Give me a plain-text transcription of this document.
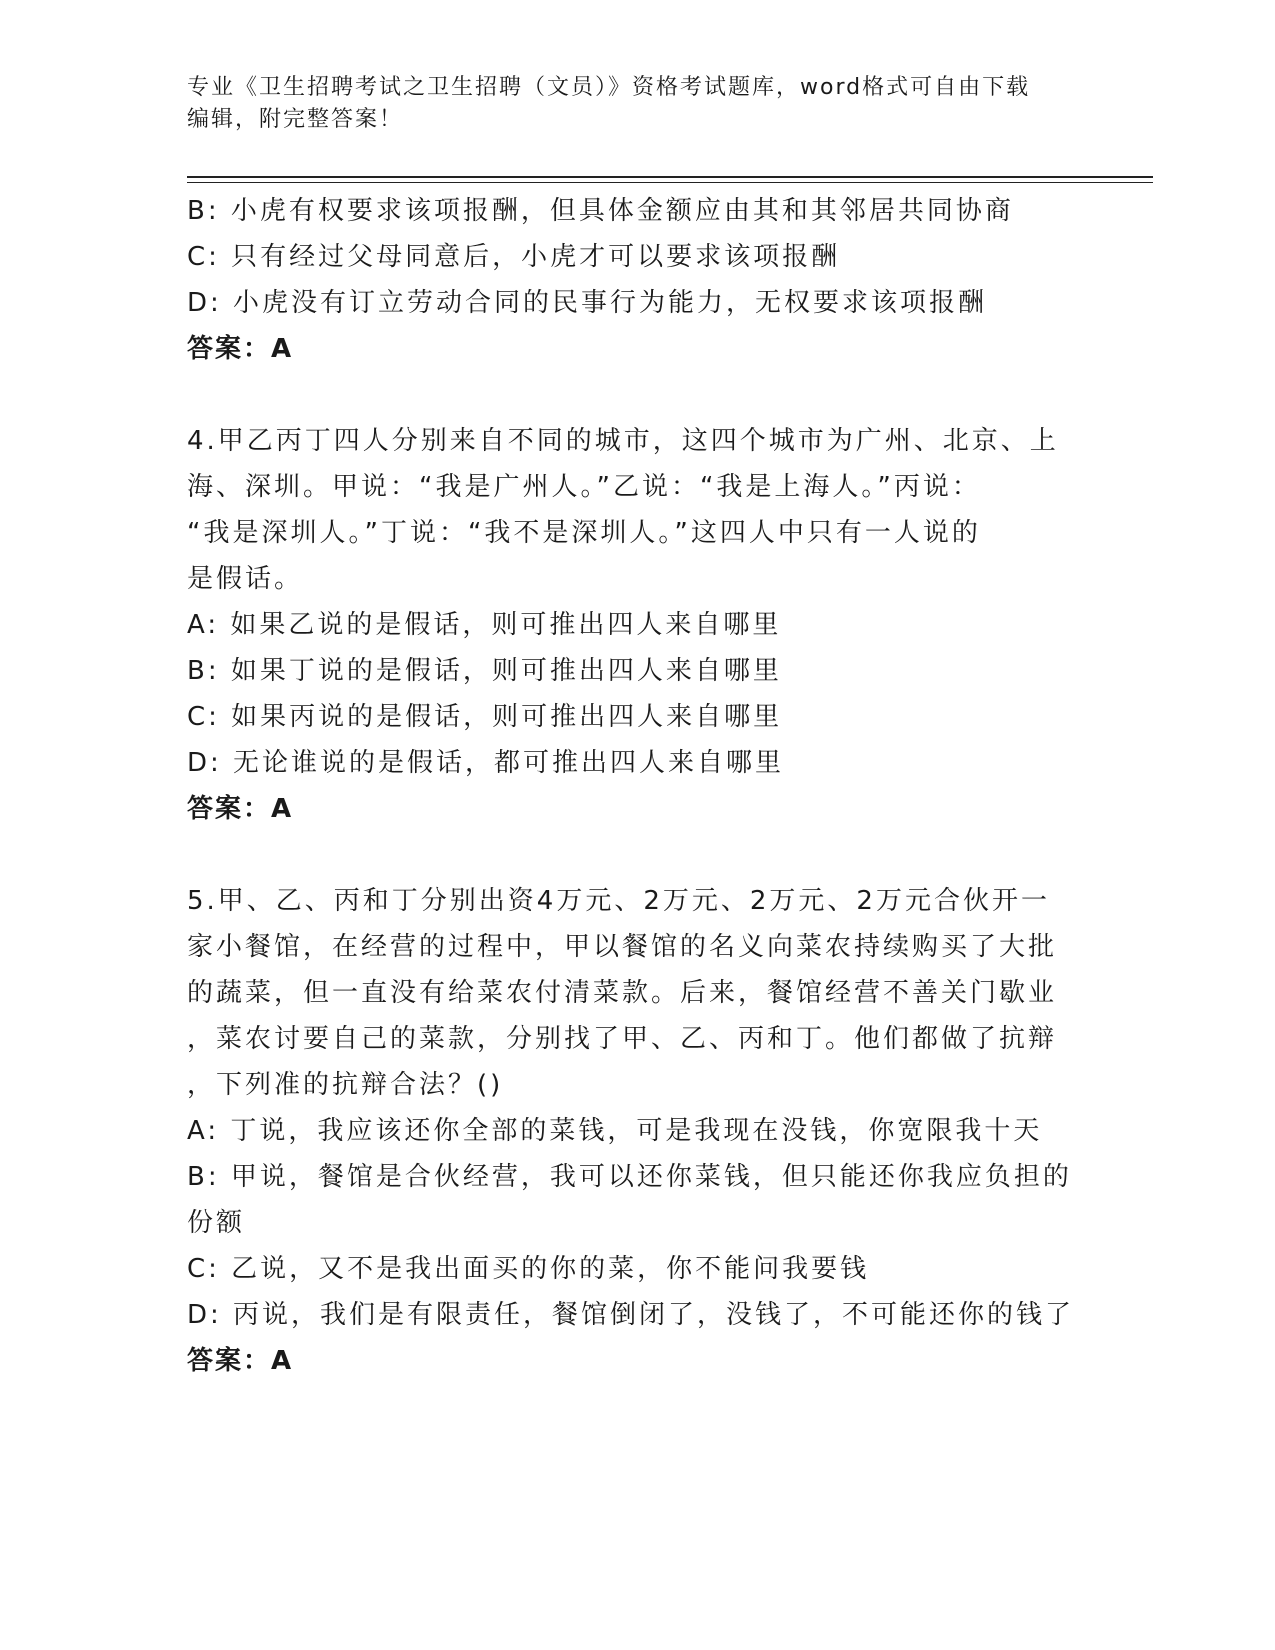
专业《卫生招聘考试之卫生招聘（文员）》资格考试题库，word格式可自由下载
编辑，附完整答案！
B: 小虎有权要求该项报酬，但具体金额应由其和其邻居共同协商
C: 只有经过父母同意后，小虎才可以要求该项报酬
D: 小虎没有订立劳动合同的民事行为能力，无权要求该项报酬
答案：A
4.甲乙丙丁四人分别来自不同的城市，这四个城市为广州、北京、上
海、深圳。甲说：“我是广州人。”乙说：“我是上海人。”丙说：
“我是深圳人。”丁说：“我不是深圳人。”这四人中只有一人说的
是假话。
A: 如果乙说的是假话，则可推出四人来自哪里
B: 如果丁说的是假话，则可推出四人来自哪里
C: 如果丙说的是假话，则可推出四人来自哪里
D: 无论谁说的是假话，都可推出四人来自哪里
答案：A
5.甲、乙、丙和丁分别出资4万元、2万元、2万元、2万元合伙开一
家小餐馆，在经营的过程中，甲以餐馆的名义向菜农持续购买了大批
的蔬菜，但一直没有给菜农付清菜款。后来，餐馆经营不善关门歇业
，菜农讨要自己的菜款，分别找了甲、乙、丙和丁。他们都做了抗辩
，下列准的抗辩合法？()
A: 丁说，我应该还你全部的菜钱，可是我现在没钱，你宽限我十天
B: 甲说，餐馆是合伙经营，我可以还你菜钱，但只能还你我应负担的
份额
C: 乙说，又不是我出面买的你的菜，你不能问我要钱
D: 丙说，我们是有限责任，餐馆倒闭了，没钱了，不可能还你的钱了
答案：A
